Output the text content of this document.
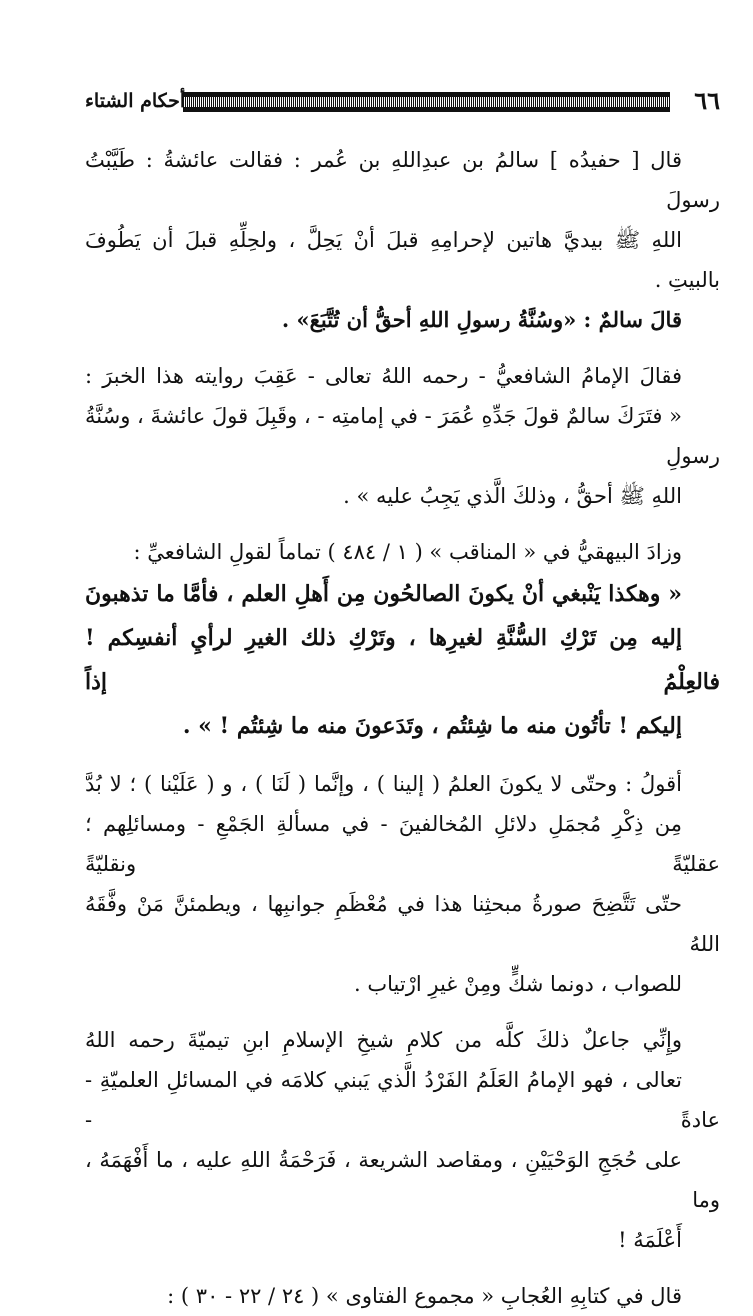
٦٦
أحكام الشتاء

قال [ حفيدُه ] سالمُ بن عبدِاللهِ بن عُمر : فقالت عائشةُ : طَيَّبْتُ رسولَ
اللهِ ﷺ بيديَّ هاتين لإحرامِهِ قبلَ أنْ يَحِلَّ ، ولحِلِّهِ قبلَ أن يَطُوفَ بالبيتِ .

قالَ سالمٌ : «وسُنَّةُ رسولِ اللهِ أحقُّ أن تُتَّبَعَ» .

فقالَ الإمامُ الشافعيُّ - رحمه اللهُ تعالى - عَقِبَ روايته هذا الخبرَ :
« فتَرَكَ سالمٌ قولَ جَدِّهِ عُمَرَ - في إمامتِه - ، وقَبِلَ قولَ عائشةَ ، وسُنَّةُ رسولِ
اللهِ ﷺ أحقُّ ، وذلكَ الَّذي يَجِبُ عليه » .

وزادَ البيهقيُّ في « المناقب » ( ١ / ٤٨٤ ) تماماً لقولِ الشافعيِّ :

« وهكذا يَنْبغي أنْ يكونَ الصالحُون مِن أَهلِ العلم ، فأمَّا ما تذهبونَ
إليه مِن تَرْكِ السُّنَّةِ لغيرِها ، وتَرْكِ ذلك الغيرِ لرأيِ أنفسِكم ! فالعِلْمُ إذاً
إليكم ! تأتُون منه ما شِئتُم ، وتَدَعونَ منه ما شِئتُم ! » .

أقولُ : وحتّى لا يكونَ العلمُ ( إلينا ) ، وإنَّما ( لَنَا ) ، و ( عَلَيْنا ) ؛ لا بُدَّ
مِن ذِكْرِ مُجمَلِ دلائلِ المُخالفينَ - في مسألةِ الجَمْعِ - ومسائلِهم ؛ عقليّةً ونقليّةً
حتّى تَتَّضِحَ صورةُ مبحثِنا هذا في مُعْظَمِ جوانبِها ، ويطمئنَّ مَنْ وفَّقَهُ اللهُ
للصواب ، دونما شكٍّ ومِنْ غيرِ ارْتياب .

وإِنِّي جاعلٌ ذلكَ كلَّه من كلامِ شيخِ الإسلامِ ابنِ تيميّةَ رحمه اللهُ
تعالى ، فهو الإمامُ العَلَمُ الفَرْدُ الَّذي يَبني كلامَه في المسائلِ العلميّةِ - عادةً -
على حُجَجِ الوَحْيَيْنِ ، ومقاصد الشريعة ، فَرَحْمَةُ اللهِ عليه ، ما أَفْهَمَهُ ، وما
أَعْلَمَهُ !

قال في كتابِهِ العُجابِ « مجموع الفتاوى » ( ٢٤ / ٢٢ - ٣٠ ) :
